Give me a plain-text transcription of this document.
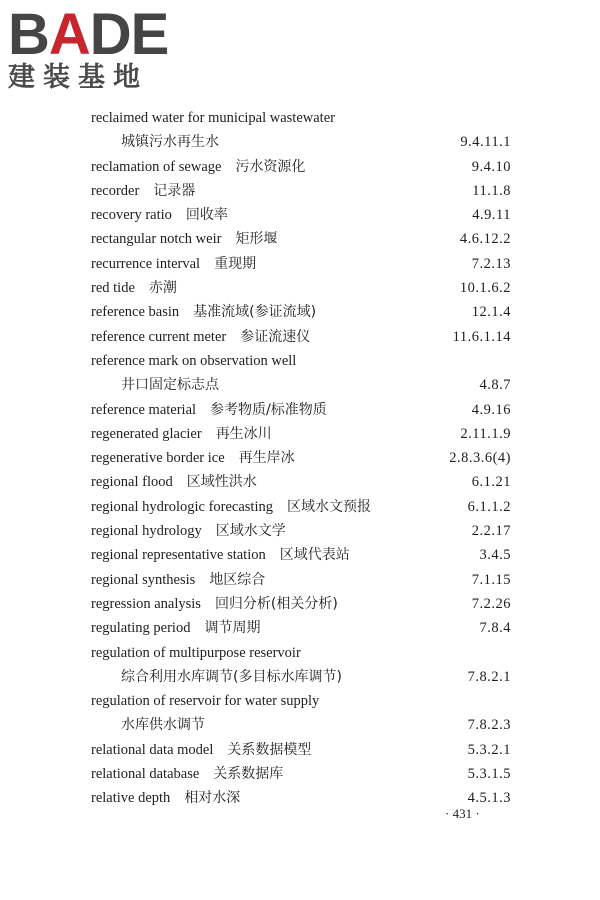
BADE
建装基地
reclaimed water for municipal wastewater
城镇污水再生水	9.4.11.1
reclamation of sewage 污水资源化	9.4.10
recorder 记录器	11.1.8
recovery ratio 回收率	4.9.11
rectangular notch weir 矩形堰	4.6.12.2
recurrence interval 重现期	7.2.13
red tide 赤潮	10.1.6.2
reference basin 基准流域(参证流域)	12.1.4
reference current meter 参证流速仪	11.6.1.14
reference mark on observation well
井口固定标志点	4.8.7
reference material 参考物质/标准物质	4.9.16
regenerated glacier 再生冰川	2.11.1.9
regenerative border ice 再生岸冰	2.8.3.6(4)
regional flood 区域性洪水	6.1.21
regional hydrologic forecasting 区域水文预报	6.1.1.2
regional hydrology 区域水文学	2.2.17
regional representative station 区域代表站	3.4.5
regional synthesis 地区综合	7.1.15
regression analysis 回归分析(相关分析)	7.2.26
regulating period 调节周期	7.8.4
regulation of multipurpose reservoir
综合利用水库调节(多目标水库调节)	7.8.2.1
regulation of reservoir for water supply
水库供水调节	7.8.2.3
relational data model 关系数据模型	5.3.2.1
relational database 关系数据库	5.3.1.5
relative depth 相对水深	4.5.1.3
· 431 ·
